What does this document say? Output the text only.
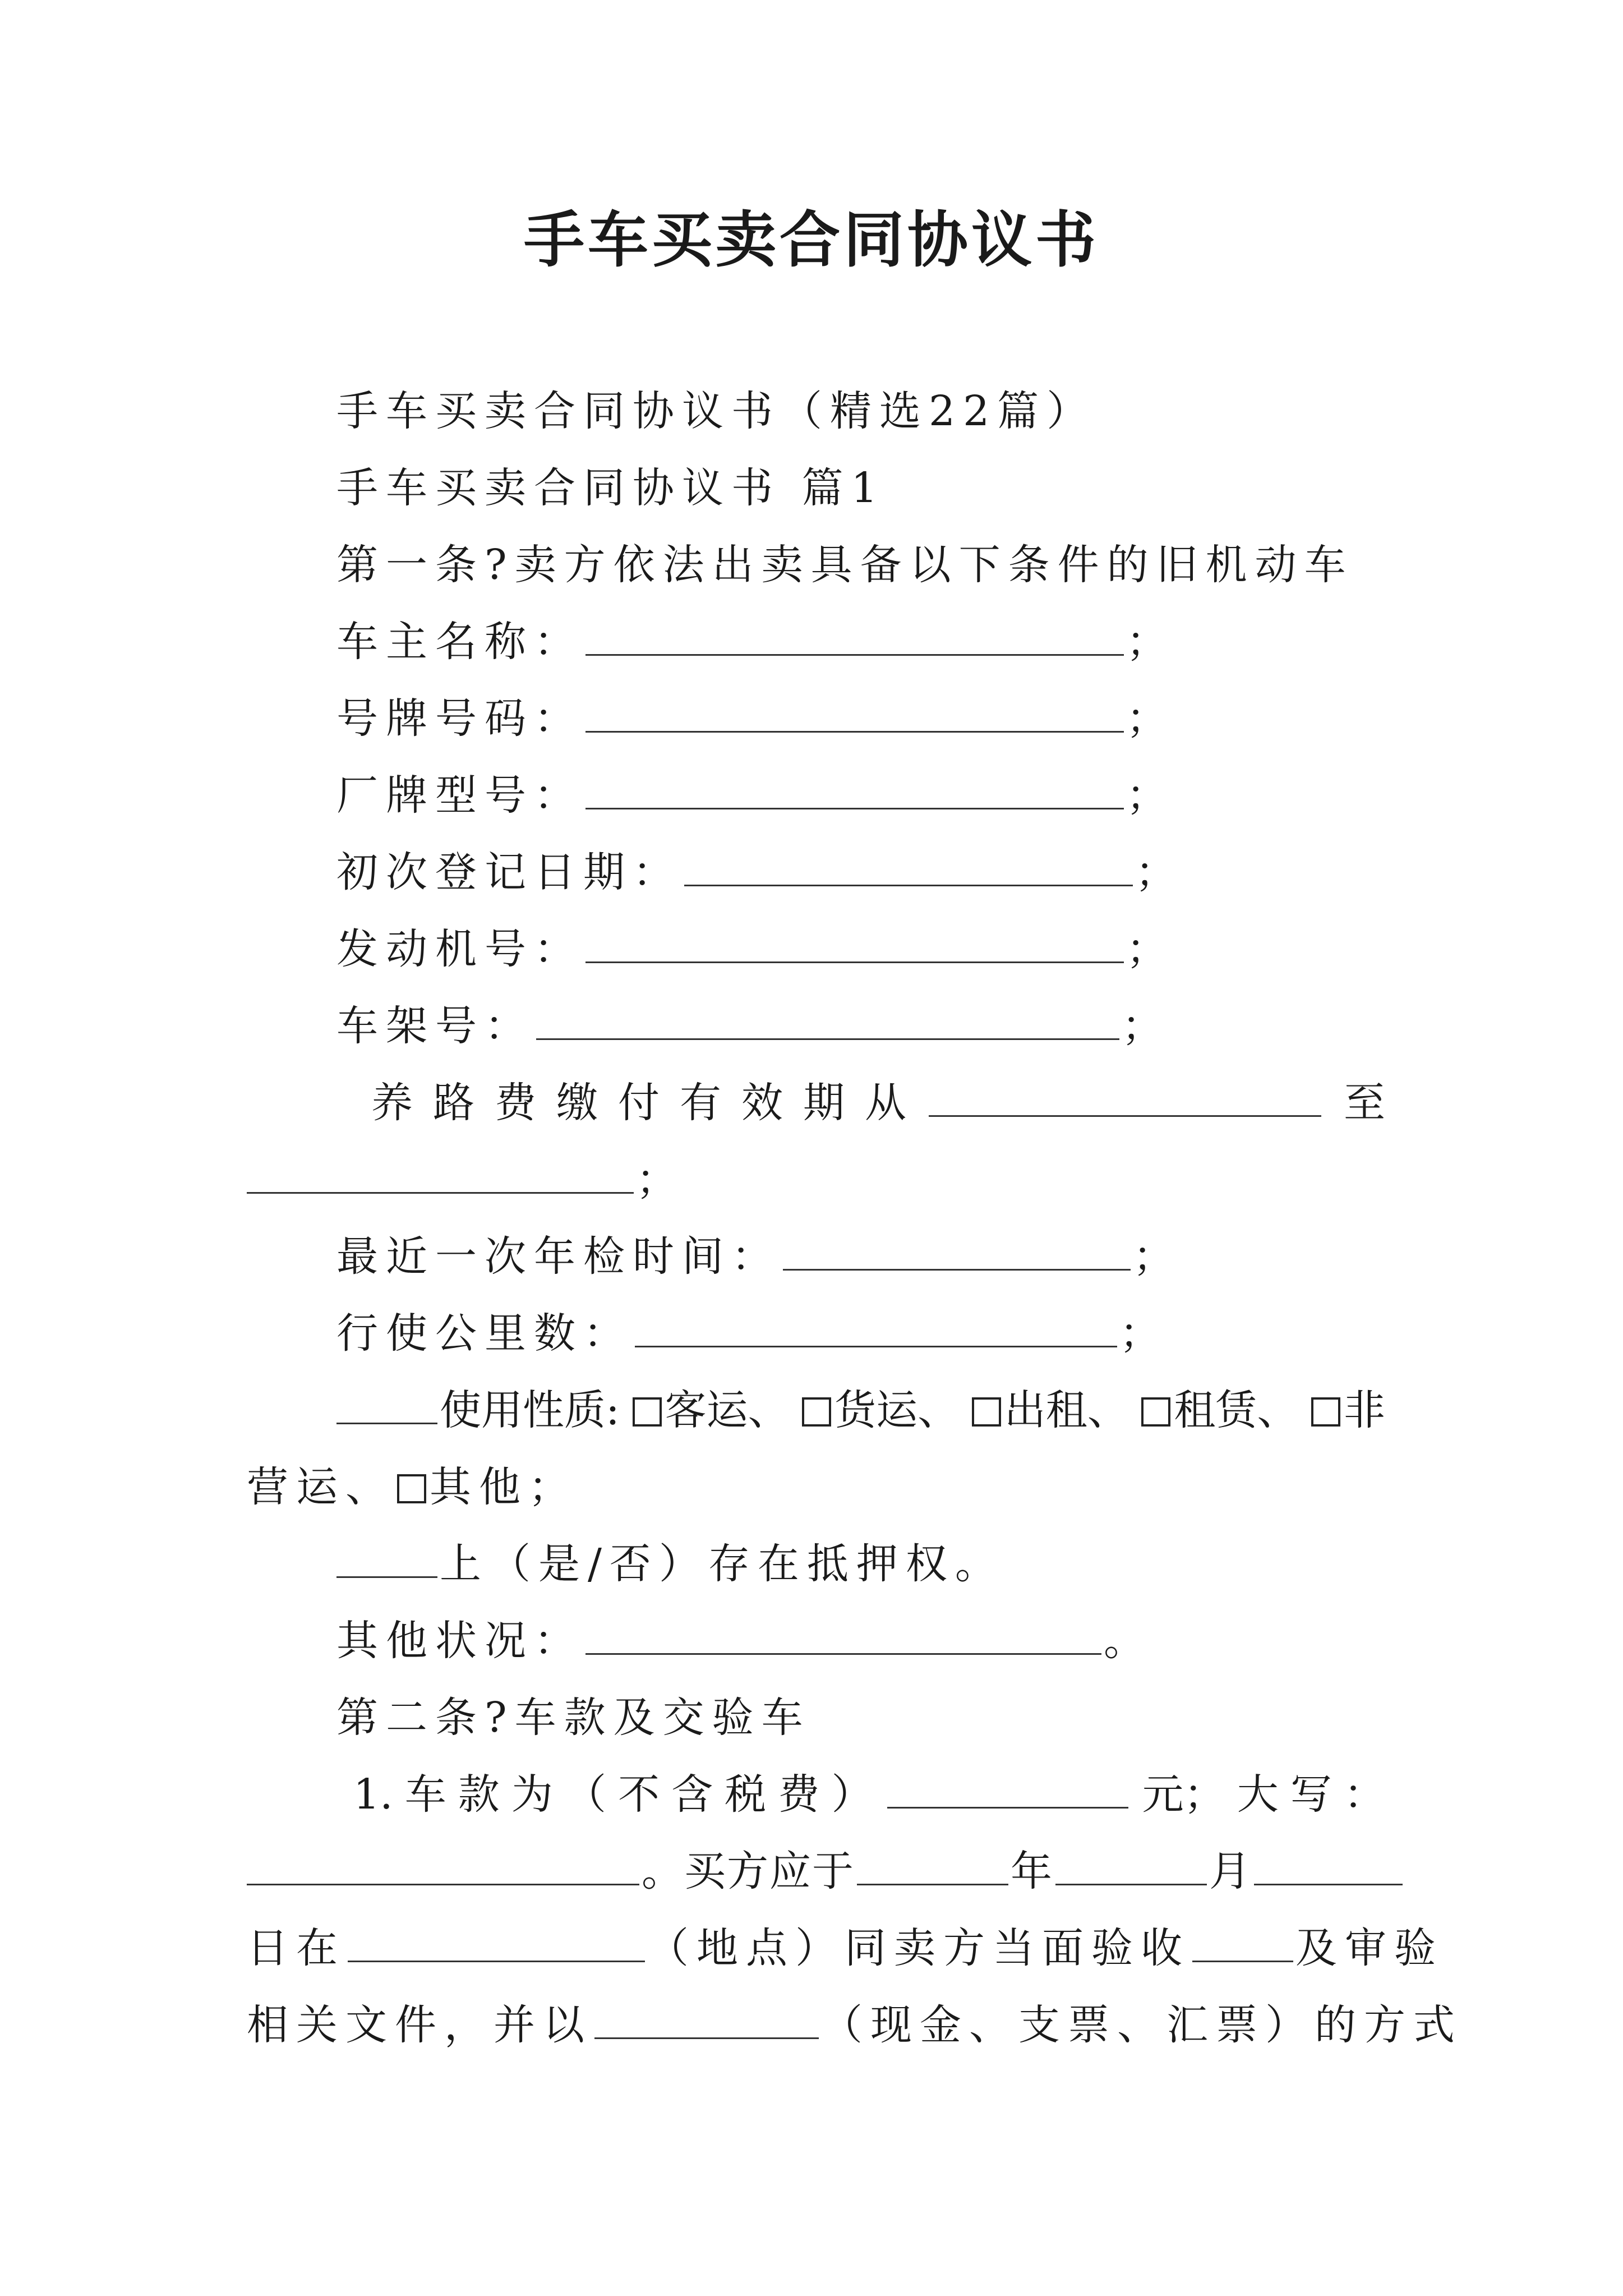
手车买卖合同协议书
手车买卖合同协议书（精选22篇）
手车买卖合同协议书 篇1
第一条?卖方依法出卖具备以下条件的旧机动车
车主名称：	；
号牌号码：	；
厂牌型号：	；
初次登记日期：	；
发动机号：	；
车架号：	；
养 路 费 缴 付 有 效 期 从	至
；
最近一次年检时间：	；
行使公里数：	；
使用性质:	客运、	货运、	出租、	租赁、	非
营运、 其他；
上（是/否）存在抵押权。
其他状况：	。
第二条?车款及交验车
1. 车 款 为 （ 不 含 税 费 ）	元； 大 写 ：
。买方应于	年	月
日在	（地点）同卖方当面验收	及审验
相关文件，并以	（现金、支票、汇票）的方式
